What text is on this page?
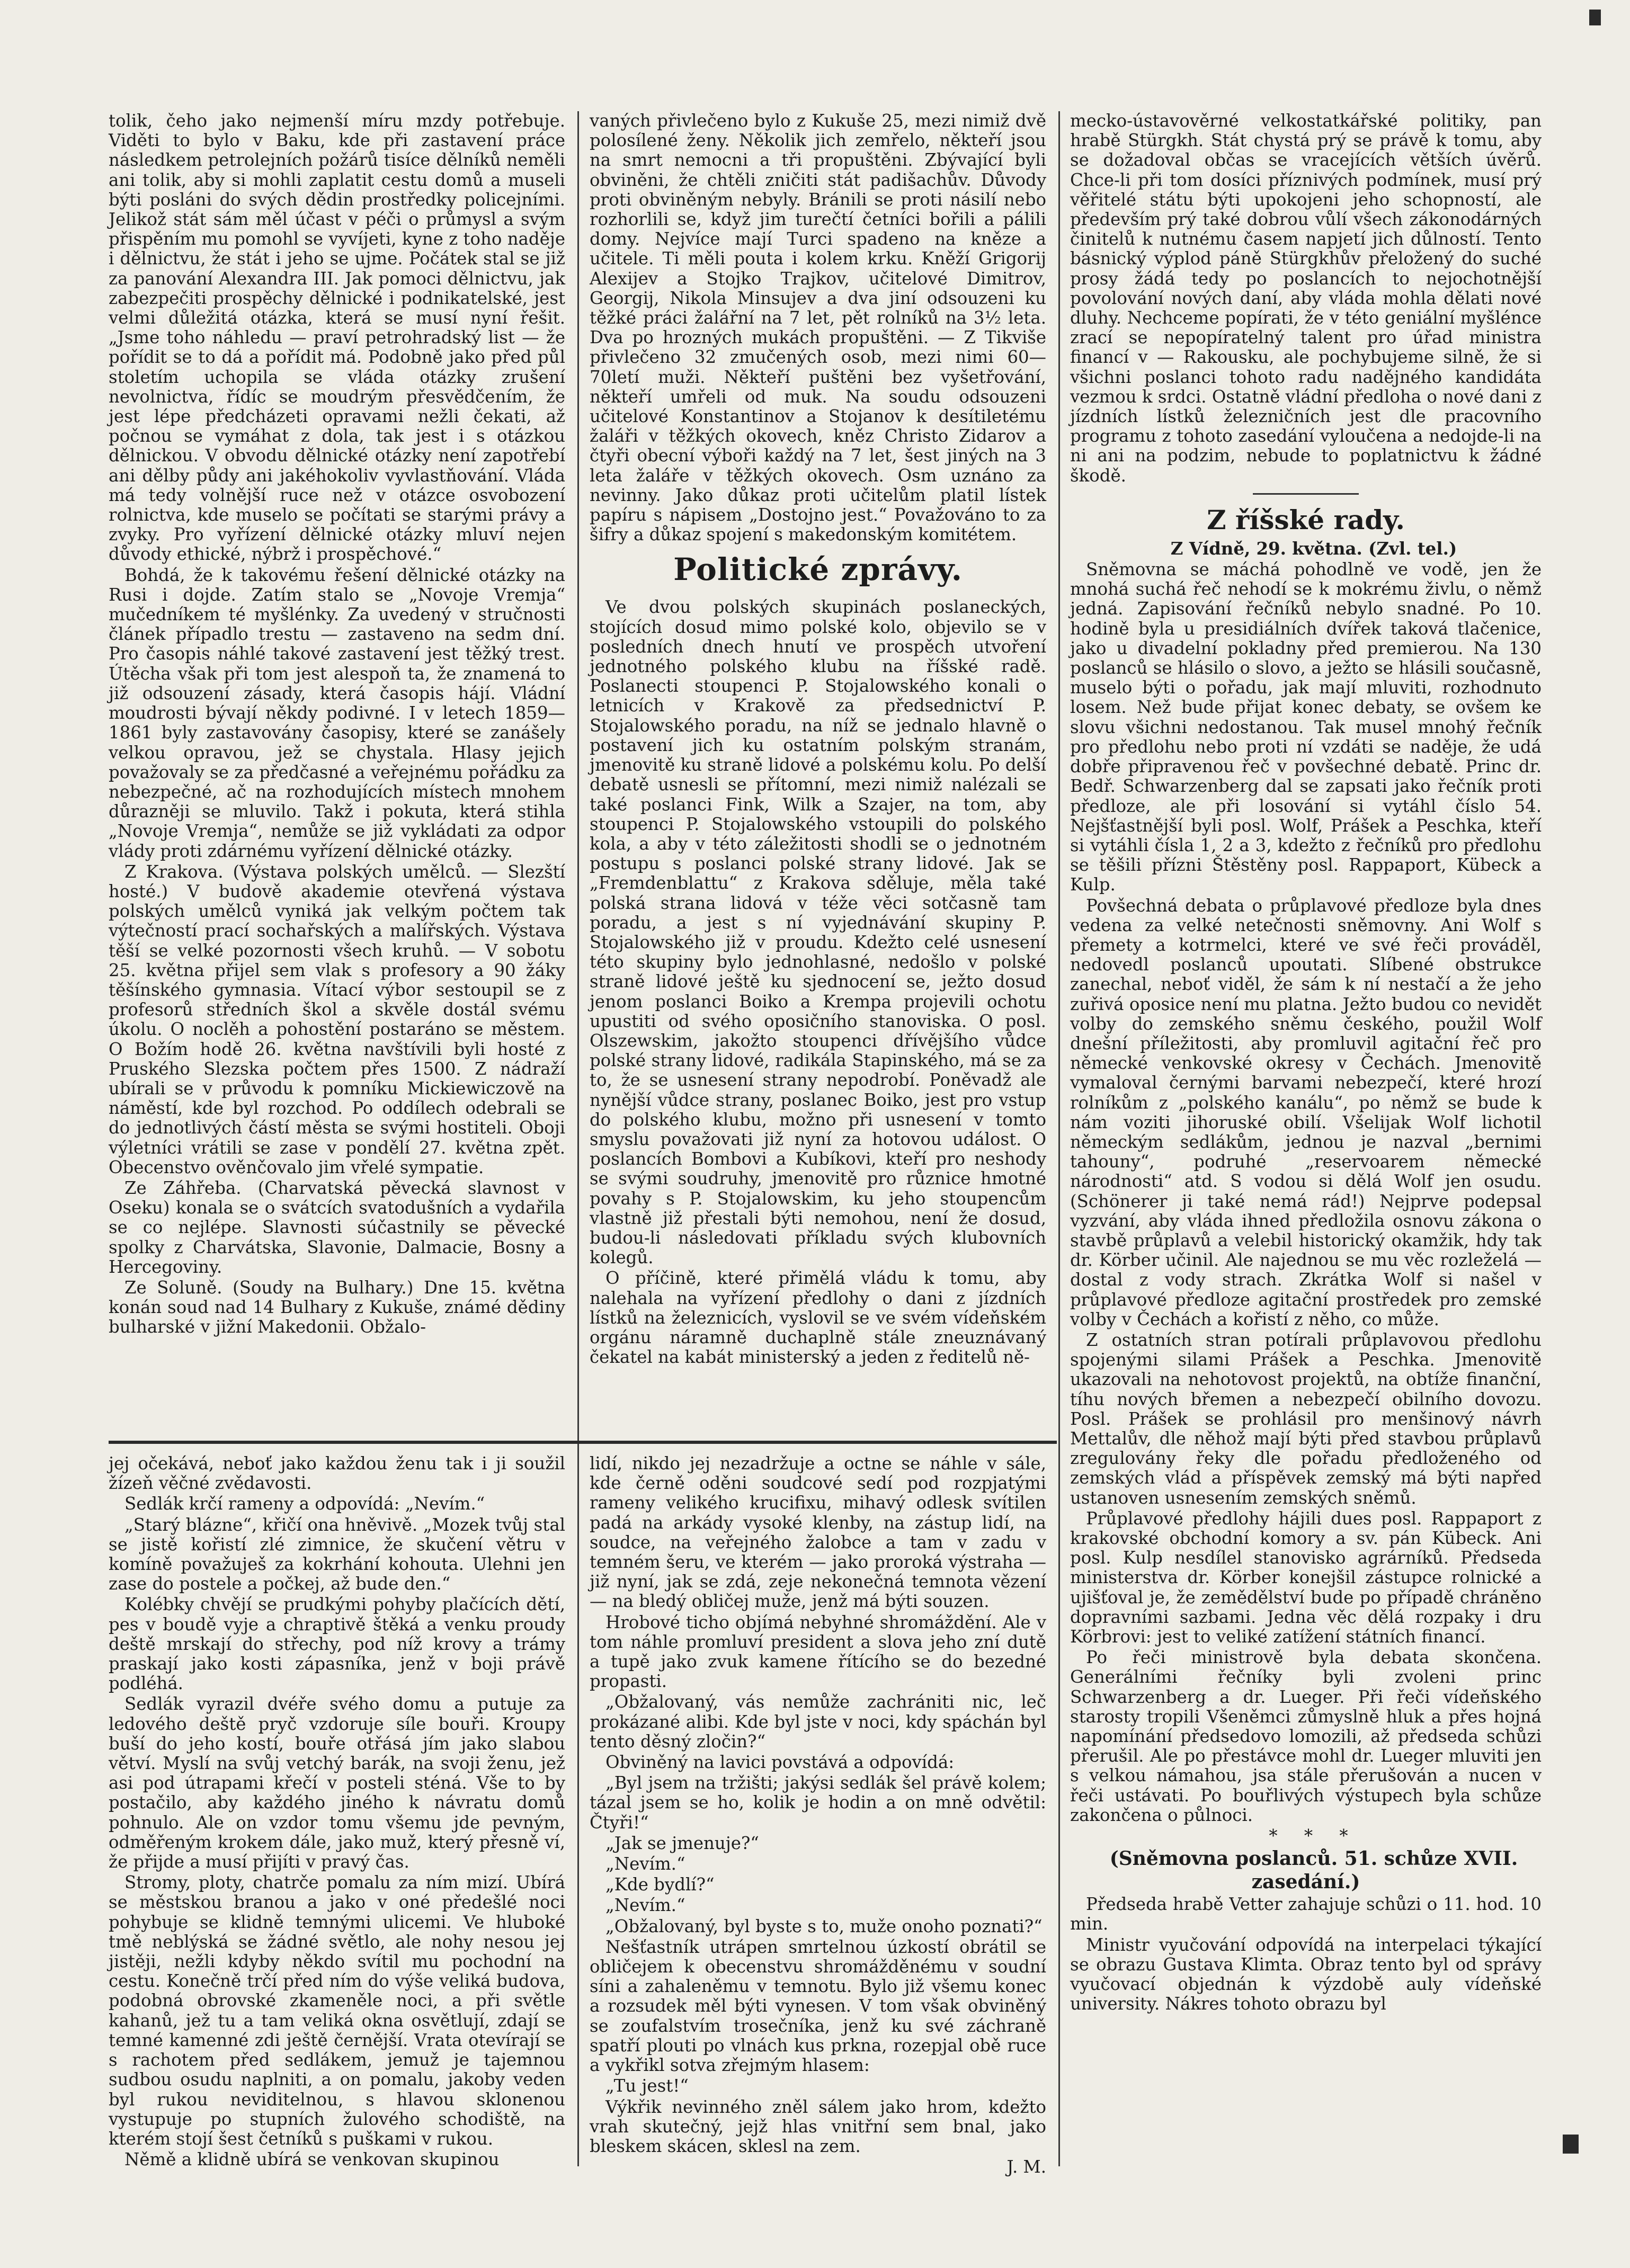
tolik, čeho jako nejmenší míru mzdy potřebuje. Viděti to bylo v Baku, kde při zastavení práce následkem petrolejních požárů tisíce dělníků neměli ani tolik, aby si mohli zaplatit cestu domů a museli býti posláni do svých dědin prostředky policejními. Jelikož stát sám měl účast v péči o průmysl a svým přispěním mu pomohl se vyvíjeti, kyne z toho naděje i dělnictvu, že stát i jeho se ujme. Počátek stal se již za panování Alexandra III. Jak pomoci dělnictvu, jak zabezpečiti prospěchy dělnické i podnikatelské, jest velmi důležitá otázka, která se musí nyní řešit. „Jsme toho náhledu — praví petrohradský list — že pořídit se to dá a pořídit má. Podobně jako před půl stoletím uchopila se vláda otázky zrušení nevolnictva, řídíc se moudrým přesvědčením, že jest lépe předcházeti opravami nežli čekati, až počnou se vymáhat z dola, tak jest i s otázkou dělnickou. V obvodu dělnické otázky není zapotřebí ani dělby půdy ani jakéhokoliv vyvlastňování. Vláda má tedy volnější ruce než v otázce osvobození rolnictva, kde muselo se počítati se starými právy a zvyky. Pro vyřízení dělnické otázky mluví nejen důvody ethické, nýbrž i prospěchové.“

Bohdá, že k takovému řešení dělnické otázky na Rusi i dojde. Zatím stalo se „Novoje Vremja“ mučedníkem té myšlénky. Za uvedený v stručnosti článek případlo trestu — zastaveno na sedm dní. Pro časopis náhlé takové zastavení jest těžký trest. Útěcha však při tom jest alespoň ta, že znamená to již odsouzení zásady, která časopis hájí. Vládní moudrosti bývají někdy podivné. I v letech 1859—1861 byly zastavovány časopisy, které se zanášely velkou opravou, jež se chystala. Hlasy jejich považovaly se za předčasné a veřejnému pořádku za nebezpečné, ač na rozhodujících místech mnohem důrazněji se mluvilo. Takž i pokuta, která stihla „Novoje Vremja“, nemůže se již vykládati za odpor vlády proti zdárnému vyřízení dělnické otázky.

Z Krakova. (Výstava polských umělců. — Slezští hosté.) V budově akademie otevřená výstava polských umělců vyniká jak velkým počtem tak výtečností prací sochařských a malířských. Výstava těší se velké pozornosti všech kruhů. — V sobotu 25. května přijel sem vlak s profesory a 90 žáky těšínského gymnasia. Vítací výbor sestoupil se z profesorů středních škol a skvěle dostál svému úkolu. O noclěh a pohostění postaráno se městem. O Božím hodě 26. května navštívili byli hosté z Pruského Slezska počtem přes 1500. Z nádraží ubírali se v průvodu k pomníku Mickiewiczově na náměstí, kde byl rozchod. Po oddílech odebrali se do jednotlivých částí města se svými hostiteli. Oboji výletníci vrátili se zase v pondělí 27. května zpět. Obecenstvo ověnčovalo jim vřelé sympatie.

Ze Záhřeba. (Charvatská pěvecká slavnost v Oseku) konala se o svátcích svatodušních a vydařila se co nejlépe. Slavnosti súčastnily se pěvecké spolky z Charvátska, Slavonie, Dalmacie, Bosny a Hercegoviny.

Ze Soluně. (Soudy na Bulhary.) Dne 15. května konán soud nad 14 Bulhary z Kukuše, známé dědiny bulharské v jižní Makedonii. Obžalo-

jej očekává, neboť jako každou ženu tak i ji soužil žízeň věčné zvědavosti.

Sedlák krčí rameny a odpovídá: „Nevím.“

„Starý blázne“, křičí ona hněvivě. „Mozek tvůj stal se jistě kořistí zlé zimnice, že skučení větru v komíně považuješ za kokrhání kohouta. Ulehni jen zase do postele a počkej, až bude den.“

Kolébky chvějí se prudkými pohyby plačících dětí, pes v boudě vyje a chraptivě štěká a venku proudy deště mrskají do střechy, pod níž krovy a trámy praskají jako kosti zápasníka, jenž v boji právě podléhá.

Sedlák vyrazil dvéře svého domu a putuje za ledového deště pryč vzdoruje síle bouři. Kroupy buší do jeho kostí, bouře otřásá jím jako slabou větví. Myslí na svůj vetchý barák, na svoji ženu, jež asi pod útrapami křečí v posteli sténá. Vše to by postačilo, aby každého jiného k návratu domů pohnulo. Ale on vzdor tomu všemu jde pevným, odměřeným krokem dále, jako muž, který přesně ví, že přijde a musí přijíti v pravý čas.

Stromy, ploty, chatrče pomalu za ním mizí. Ubírá se městskou branou a jako v oné předešlé noci pohybuje se klidně temnými ulicemi. Ve hluboké tmě neblýská se žádné světlo, ale nohy nesou jej jistěji, nežli kdyby někdo svítil mu pochodní na cestu. Konečně trčí před ním do výše veliká budova, podobná obrovské zkameněle noci, a při světle kahanů, jež tu a tam veliká okna osvětlují, zdají se temné kamenné zdi ještě černější. Vrata otevírají se s rachotem před sedlákem, jemuž je tajemnou sudbou osudu naplniti, a on pomalu, jakoby veden byl rukou neviditelnou, s hlavou sklonenou vystupuje po stupních žulového schodiště, na kterém stojí šest četníků s puškami v rukou.

Němě a klidně ubírá se venkovan skupinou

vaných přivlečeno bylo z Kukuše 25, mezi nimiž dvě polosílené ženy. Několik jich zemřelo, někteří jsou na smrt nemocni a tři propuštěni. Zbývající byli obviněni, že chtěli zničiti stát padišachův. Důvody proti obviněným nebyly. Bránili se proti násilí nebo rozhorlili se, když jim turečtí četníci bořili a pálili domy. Nejvíce mají Turci spadeno na kněze a učitele. Ti měli pouta i kolem krku. Kněží Grigorij Alexijev a Stojko Trajkov, učitelové Dimitrov, Georgij, Nikola Minsujev a dva jiní odsouzeni ku těžké práci žalářní na 7 let, pět rolníků na 3½ leta. Dva po hrozných mukách propuštěni. — Z Tikviše přivlečeno 32 zmučených osob, mezi nimi 60—70letí muži. Někteří puštěni bez vyšetřování, někteří umřeli od muk. Na soudu odsouzeni učitelové Konstantinov a Stojanov k desítiletému žaláři v těžkých okovech, kněz Christo Zidarov a čtyři obecní výboři každý na 7 let, šest jiných na 3 leta žaláře v těžkých okovech. Osm uznáno za nevinny. Jako důkaz proti učitelům platil lístek papíru s nápisem „Dostojno jest.“ Považováno to za šifry a důkaz spojení s makedonským komitétem.

Politické zprávy.

Ve dvou polských skupinách poslaneckých, stojících dosud mimo polské kolo, objevilo se v posledních dnech hnutí ve prospěch utvoření jednotného polského klubu na říšské radě. Poslanecti stoupenci P. Stojalowského konali o letnicích v Krakově za předsednictví P. Stojalowského poradu, na níž se jednalo hlavně o postavení jich ku ostatním polským stranám, jmenovitě ku straně lidové a polskému kolu. Po delší debatě usnesli se přítomní, mezi nimiž nalézali se také poslanci Fink, Wilk a Szajer, na tom, aby stoupenci P. Stojalowského vstoupili do polského kola, a aby v této záležitosti shodli se o jednotném postupu s poslanci polské strany lidové. Jak se „Fremdenblattu“ z Krakova sděluje, měla také polská strana lidová v téže věci sotčasně tam poradu, a jest s ní vyjednávání skupiny P. Stojalowského již v proudu. Kdežto celé usnesení této skupiny bylo jednohlasné, nedošlo v polské straně lidové ještě ku sjednocení se, ježto dosud jenom poslanci Boiko a Krempa projevili ochotu upustiti od svého oposičního stanoviska. O posl. Olszewskim, jakožto stoupenci dřívějšího vůdce polské strany lidové, radikála Stapinského, má se za to, že se usnesení strany nepodrobí. Poněvadž ale nynější vůdce strany, poslanec Boiko, jest pro vstup do polského klubu, možno při usnesení v tomto smyslu považovati již nyní za hotovou událost. O poslancích Bombovi a Kubíkovi, kteří pro neshody se svými soudruhy, jmenovitě pro různice hmotné povahy s P. Stojalowskim, ku jeho stoupencům vlastně již přestali býti nemohou, není že dosud, budou-li následovati příkladu svých klubovních kolegů.

O příčině, které přimělá vládu k tomu, aby nalehala na vyřízení předlohy o dani z jízdních lístků na železnicích, vyslovil se ve svém vídeňském orgánu náramně duchaplně stále zneuznávaný čekatel na kabát ministerský a jeden z ředitelů ně-

lidí, nikdo jej nezadržuje a octne se náhle v sále, kde černě oděni soudcové sedí pod rozpjatými rameny velikého krucifixu, mihavý odlesk svítilen padá na arkády vysoké klenby, na zástup lidí, na soudce, na veřejného žalobce a tam v zadu v temném šeru, ve kterém — jako proroká výstraha — již nyní, jak se zdá, zeje nekonečná temnota vězení — na bledý obličej muže, jenž má býti souzen.

Hrobové ticho objímá nebyhné shromáždění. Ale v tom náhle promluví president a slova jeho zní dutě a tupě jako zvuk kamene řítícího se do bezedné propasti.

„Obžalovaný, vás nemůže zachrániti nic, leč prokázané alibi. Kde byl jste v noci, kdy spáchán byl tento děsný zločin?“

Obviněný na lavici povstává a odpovídá:

„Byl jsem na tržišti; jakýsi sedlák šel právě kolem; tázal jsem se ho, kolik je hodin a on mně odvětil: Čtyři!“

„Jak se jmenuje?“

„Nevím.“

„Kde bydlí?“

„Nevím.“

„Obžalovaný, byl byste s to, muže onoho poznati?“

Nešťastník utrápen smrtelnou úzkostí obrátil se obličejem k obecenstvu shromážděnému v soudní síni a zahaleněmu v temnotu. Bylo již všemu konec a rozsudek měl býti vynesen. V tom však obviněný se zoufalstvím trosečníka, jenž ku své záchraně spatří plouti po vlnách kus prkna, rozepjal obě ruce a vykřikl sotva zřejmým hlasem:

„Tu jest!“

Výkřik nevinného zněl sálem jako hrom, kdežto vrah skutečný, jejž hlas vnitřní sem bnal, jako bleskem skácen, sklesl na zem.

J. M.

mecko-ústavověrné velkostatkářské politiky, pan hrabě Stürgkh. Stát chystá prý se právě k tomu, aby se dožadoval občas se vracejících větších úvěrů. Chce-li při tom dosíci příznivých podmínek, musí prý věřitelé státu býti upokojeni jeho schopností, ale především prý také dobrou vůlí všech zákonodárných činitelů k nutnému časem napjetí jich důlností. Tento básnický výplod páně Stürgkhův přeložený do suché prosy žádá tedy po poslancích to nejochotnější povolování nových daní, aby vláda mohla dělati nové dluhy. Nechceme popírati, že v této geniální myšlénce zrací se nepopíratelný talent pro úřad ministra financí v — Rakousku, ale pochybujeme silně, že si všichni poslanci tohoto radu nadějného kandidáta vezmou k srdci. Ostatně vládní předloha o nové dani z jízdních lístků železničních jest dle pracovního programu z tohoto zasedání vyloučena a nedojde-li na ni ani na podzim, nebude to poplatnictvu k žádné škodě.

Z říšské rady.

Z Vídně, 29. května. (Zvl. tel.)

Sněmovna se máchá pohodlně ve vodě, jen že mnohá suchá řeč nehodí se k mokrému živlu, o němž jedná. Zapisování řečníků nebylo snadné. Po 10. hodině byla u presidiálních dvířek taková tlačenice, jako u divadelní pokladny před premierou. Na 130 poslanců se hlásilo o slovo, a ježto se hlásili současně, muselo býti o pořadu, jak mají mluviti, rozhodnuto losem. Než bude přijat konec debaty, se ovšem ke slovu všichni nedostanou. Tak musel mnohý řečník pro předlohu nebo proti ní vzdáti se naděje, že udá dobře připravenou řeč v povšechné debatě. Princ dr. Bedř. Schwarzenberg dal se zapsati jako řečník proti předloze, ale při losování si vytáhl číslo 54. Nejšťastnější byli posl. Wolf, Prášek a Peschka, kteří si vytáhli čísla 1, 2 a 3, kdežto z řečníků pro předlohu se těšili přízni Štěstěny posl. Rappaport, Kübeck a Kulp.

Povšechná debata o průplavové předloze byla dnes vedena za velké netečnosti sněmovny. Ani Wolf s přemety a kotrmelci, které ve své řeči prováděl, nedovedl poslanců upoutati. Slíbené obstrukce zanechal, neboť viděl, že sám k ní nestačí a že jeho zuřivá oposice není mu platna. Ježto budou co nevidět volby do zemského sněmu českého, použil Wolf dnešní příležitosti, aby promluvil agitační řeč pro německé venkovské okresy v Čechách. Jmenovitě vymaloval černými barvami nebezpečí, které hrozí rolníkům z „polského kanálu“, po němž se bude k nám voziti jihoruské obilí. Všelijak Wolf lichotil německým sedlákům, jednou je nazval „bernimi tahouny“, podruhé „reservoarem německé národnosti“ atd. S vodou si dělá Wolf jen osudu. (Schönerer ji také nemá rád!) Nejprve podepsal vyzvání, aby vláda ihned předložila osnovu zákona o stavbě průplavů a velebil historický okamžik, hdy tak dr. Körber učinil. Ale najednou se mu věc rozleželá — dostal z vody strach. Zkrátka Wolf si našel v průplavové předloze agitační prostředek pro zemské volby v Čechách a kořistí z něho, co může.

Z ostatních stran potírali průplavovou předlohu spojenými silami Prášek a Peschka. Jmenovitě ukazovali na nehotovost projektů, na obtíže finanční, tíhu nových břemen a nebezpečí obilního dovozu. Posl. Prášek se prohlásil pro menšinový návrh Mettalův, dle něhož mají býti před stavbou průplavů zregulovány řeky dle pořadu předloženého od zemských vlád a příspěvek zemský má býti napřed ustanoven usnesením zemských sněmů.

Průplavové předlohy hájili dues posl. Rappaport z krakovské obchodní komory a sv. pán Kübeck. Ani posl. Kulp nesdílel stanovisko agrárníků. Předseda ministerstva dr. Körber konejšil zástupce rolnické a ujišťoval je, že zemědělství bude po případě chráněno dopravními sazbami. Jedna věc dělá rozpaky i dru Körbrovi: jest to veliké zatížení státních financí.

Po řeči ministrově byla debata skončena. Generálními řečníky byli zvoleni princ Schwarzenberg a dr. Lueger. Při řeči vídeňského starosty tropili Všeněmci zůmyslně hluk a přes hojná napomínání předsedovo lomozili, až předseda schůzi přerušil. Ale po přestávce mohl dr. Lueger mluviti jen s velkou námahou, jsa stále přerušován a nucen v řeči ustávati. Po bouřlivých výstupech byla schůze zakončena o půlnoci.

* * *

(Sněmovna poslanců. 51. schůze XVII. zasedání.)

Předseda hrabě Vetter zahajuje schůzi o 11. hod. 10 min.

Ministr vyučování odpovídá na interpelaci týkající se obrazu Gustava Klimta. Obraz tento byl od správy vyučovací objednán k výzdobě auly vídeňské university. Nákres tohoto obrazu byl
